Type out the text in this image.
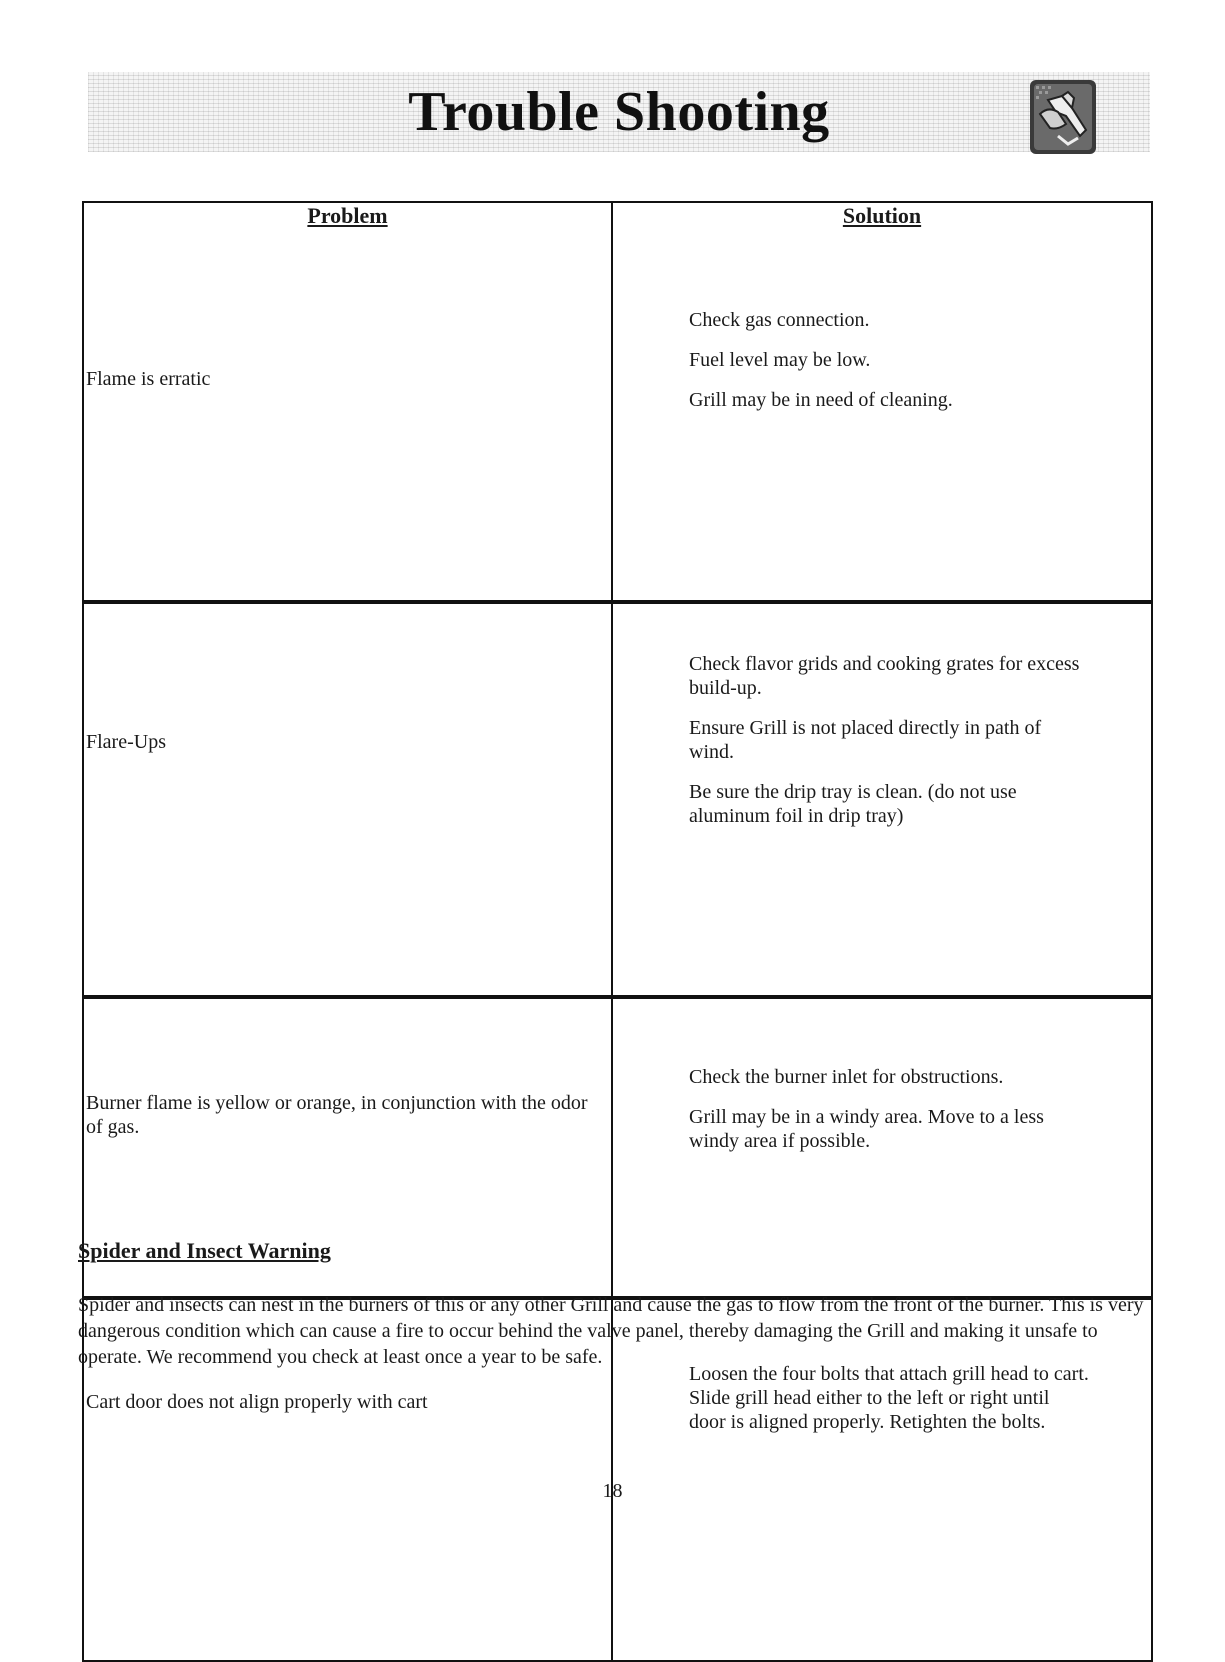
Trouble Shooting
Problem	Solution
Flame is erratic	Check gas connection.

Fuel level may be low.

Grill may be in need of cleaning.

Flare-Ups	Check flavor grids and cooking grates for excess build-up.

Ensure Grill is not placed directly in path of wind.

Be sure the drip tray is clean. (do not use aluminum foil in drip tray)

Burner flame is yellow or orange, in conjunction with the odor of gas.	Check the burner inlet for obstructions.

Grill may be in a windy area. Move to a less windy area if possible.

Cart door does not align properly with cart	Loosen the four bolts that attach grill head to cart. Slide grill head either to the left or right until door is aligned properly. Retighten the bolts.

Spider and Insect Warning

Spider and insects can nest in the burners of this or any other Grill and cause the gas to flow from the front of the burner. This is very dangerous condition which can cause a fire to occur behind the valve panel, thereby damaging the Grill and making it unsafe to operate. We recommend you check at least once a year to be safe.

18
